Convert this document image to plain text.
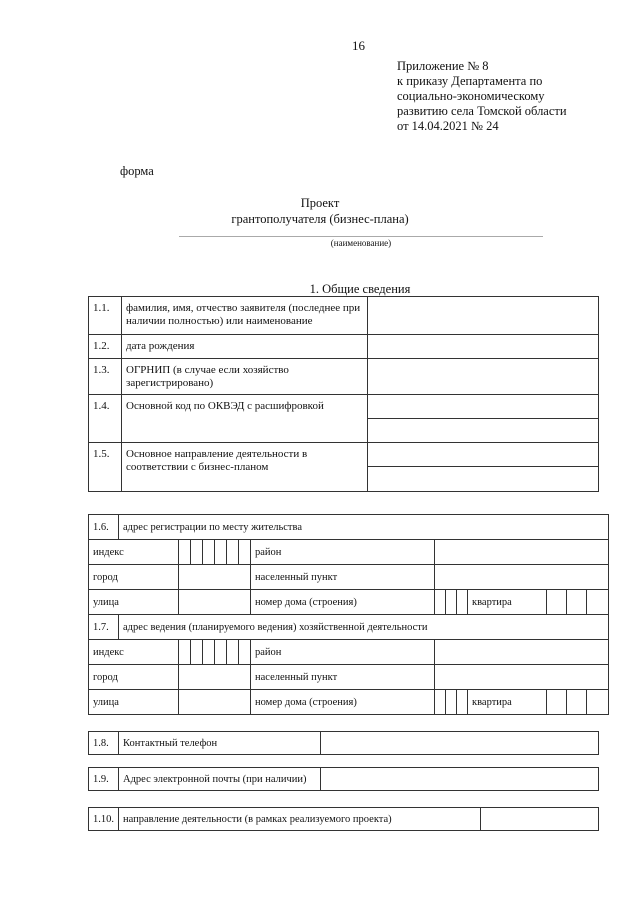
16
Приложение № 8
к приказу Департамента по
социально-экономическому
развитию села Томской области
от 14.04.2021 № 24
форма
Проект
грантополучателя (бизнес-плана)
(наименование)
1. Общие сведения
1.1.	фамилия, имя, отчество заявителя (последнее при наличии полностью) или наименование	
1.2.	дата рождения	
1.3.	ОГРНИП (в случае если хозяйство зарегистрировано)	
1.4.	Основной код по ОКВЭД с расшифровкой	

1.5.	Основное направление деятельности в соответствии с бизнес-планом	

1.6.	адрес регистрации по месту жительства														
индекс								район							
город								населенный пункт							
улица								номер дома (строения)				квартира			
1.7.	адрес ведения (планируемого ведения) хозяйственной деятельности														
индекс								район							
город								населенный пункт							
улица								номер дома (строения)				квартира			
1.8.	Контактный телефон	
1.9.	Адрес электронной почты (при наличии)	
1.10.	направление деятельности (в рамках реализуемого проекта)	
